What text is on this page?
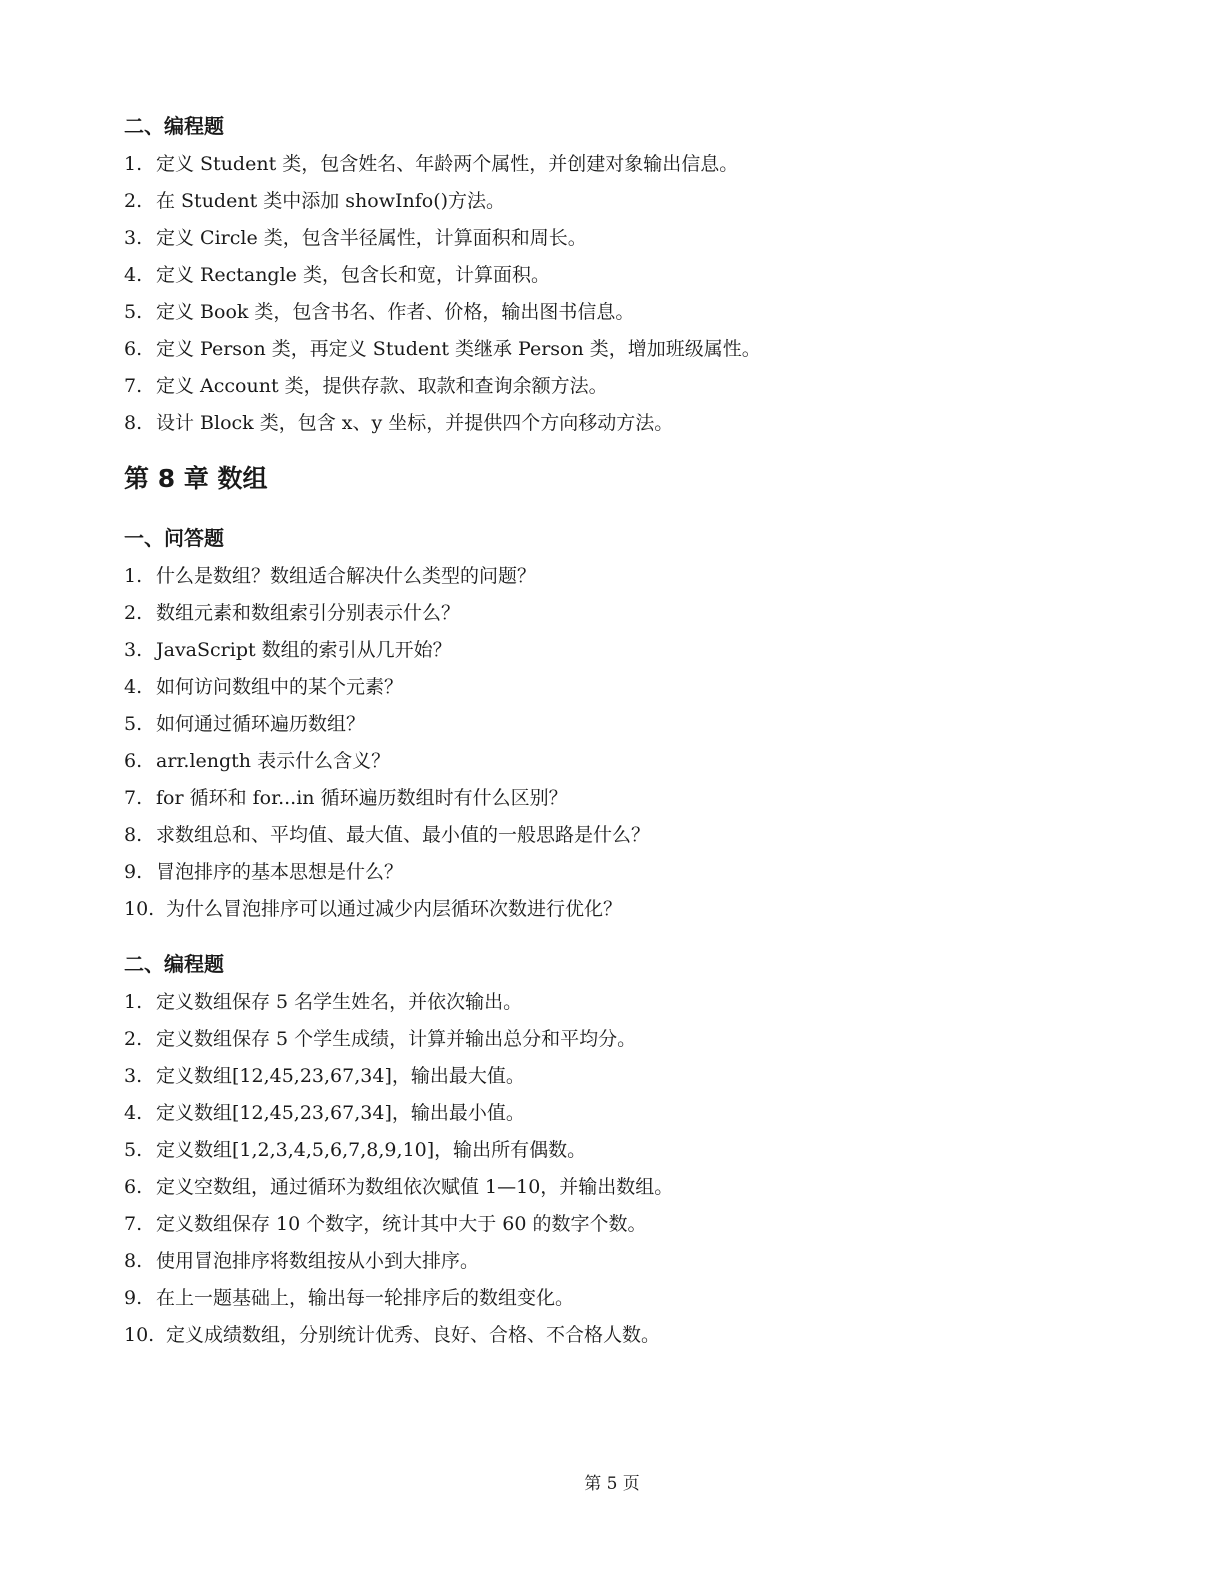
二、编程题
1. 定义 Student 类，包含姓名、年龄两个属性，并创建对象输出信息。
2. 在 Student 类中添加 showInfo()方法。
3. 定义 Circle 类，包含半径属性，计算面积和周长。
4. 定义 Rectangle 类，包含长和宽，计算面积。
5. 定义 Book 类，包含书名、作者、价格，输出图书信息。
6. 定义 Person 类，再定义 Student 类继承 Person 类，增加班级属性。
7. 定义 Account 类，提供存款、取款和查询余额方法。
8. 设计 Block 类，包含 x、y 坐标，并提供四个方向移动方法。
第 8 章 数组
一、问答题
1. 什么是数组？数组适合解决什么类型的问题？
2. 数组元素和数组索引分别表示什么？
3. JavaScript 数组的索引从几开始？
4. 如何访问数组中的某个元素？
5. 如何通过循环遍历数组？
6. arr.length 表示什么含义？
7. for 循环和 for...in 循环遍历数组时有什么区别？
8. 求数组总和、平均值、最大值、最小值的一般思路是什么？
9. 冒泡排序的基本思想是什么？
10. 为什么冒泡排序可以通过减少内层循环次数进行优化？
二、编程题
1. 定义数组保存 5 名学生姓名，并依次输出。
2. 定义数组保存 5 个学生成绩，计算并输出总分和平均分。
3. 定义数组[12,45,23,67,34]，输出最大值。
4. 定义数组[12,45,23,67,34]，输出最小值。
5. 定义数组[1,2,3,4,5,6,7,8,9,10]，输出所有偶数。
6. 定义空数组，通过循环为数组依次赋值 1—10，并输出数组。
7. 定义数组保存 10 个数字，统计其中大于 60 的数字个数。
8. 使用冒泡排序将数组按从小到大排序。
9. 在上一题基础上，输出每一轮排序后的数组变化。
10. 定义成绩数组，分别统计优秀、良好、合格、不合格人数。
第 5 页
